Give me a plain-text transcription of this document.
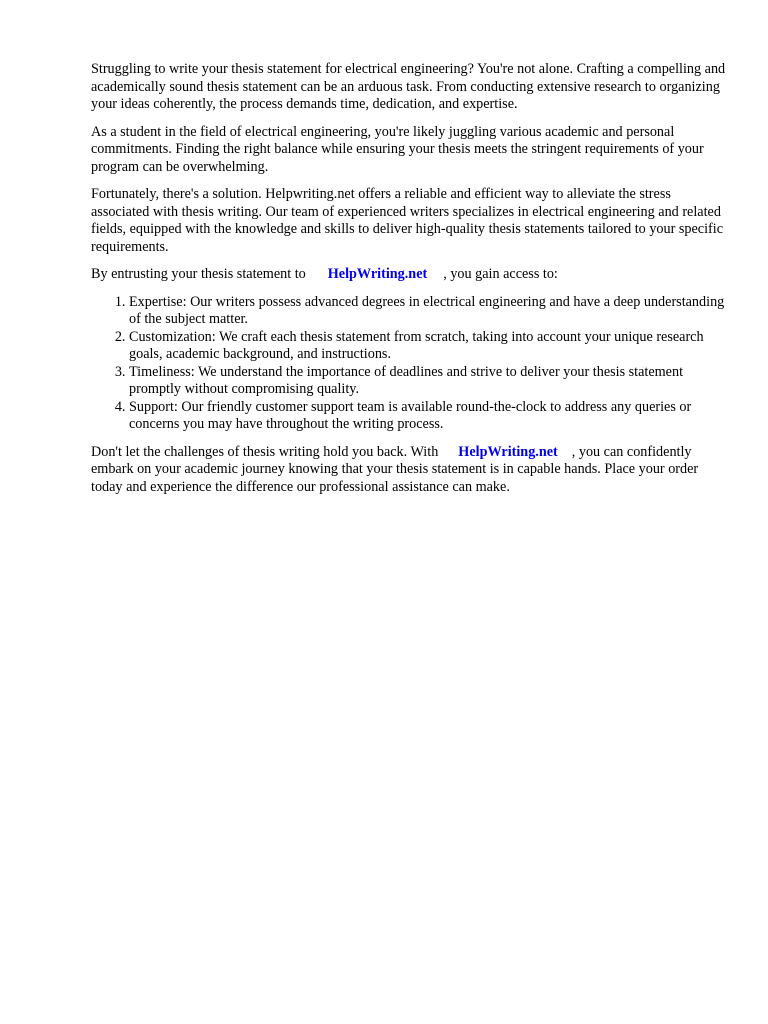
Struggling to write your thesis statement for electrical engineering? You're not alone. Crafting a compelling and academically sound thesis statement can be an arduous task. From conducting extensive research to organizing your ideas coherently, the process demands time, dedication, and expertise.

As a student in the field of electrical engineering, you're likely juggling various academic and personal commitments. Finding the right balance while ensuring your thesis meets the stringent requirements of your program can be overwhelming.

Fortunately, there's a solution. Helpwriting.net offers a reliable and efficient way to alleviate the stress associated with thesis writing. Our team of experienced writers specializes in electrical engineering and related fields, equipped with the knowledge and skills to deliver high-quality thesis statements tailored to your specific requirements.

By entrusting your thesis statement to HelpWriting.net , you gain access to:

1. Expertise: Our writers possess advanced degrees in electrical engineering and have a deep understanding of the subject matter.
2. Customization: We craft each thesis statement from scratch, taking into account your unique research goals, academic background, and instructions.
3. Timeliness: We understand the importance of deadlines and strive to deliver your thesis statement promptly without compromising quality.
4. Support: Our friendly customer support team is available round-the-clock to address any queries or concerns you may have throughout the writing process.

Don't let the challenges of thesis writing hold you back. With HelpWriting.net , you can confidently embark on your academic journey knowing that your thesis statement is in capable hands. Place your order today and experience the difference our professional assistance can make.
